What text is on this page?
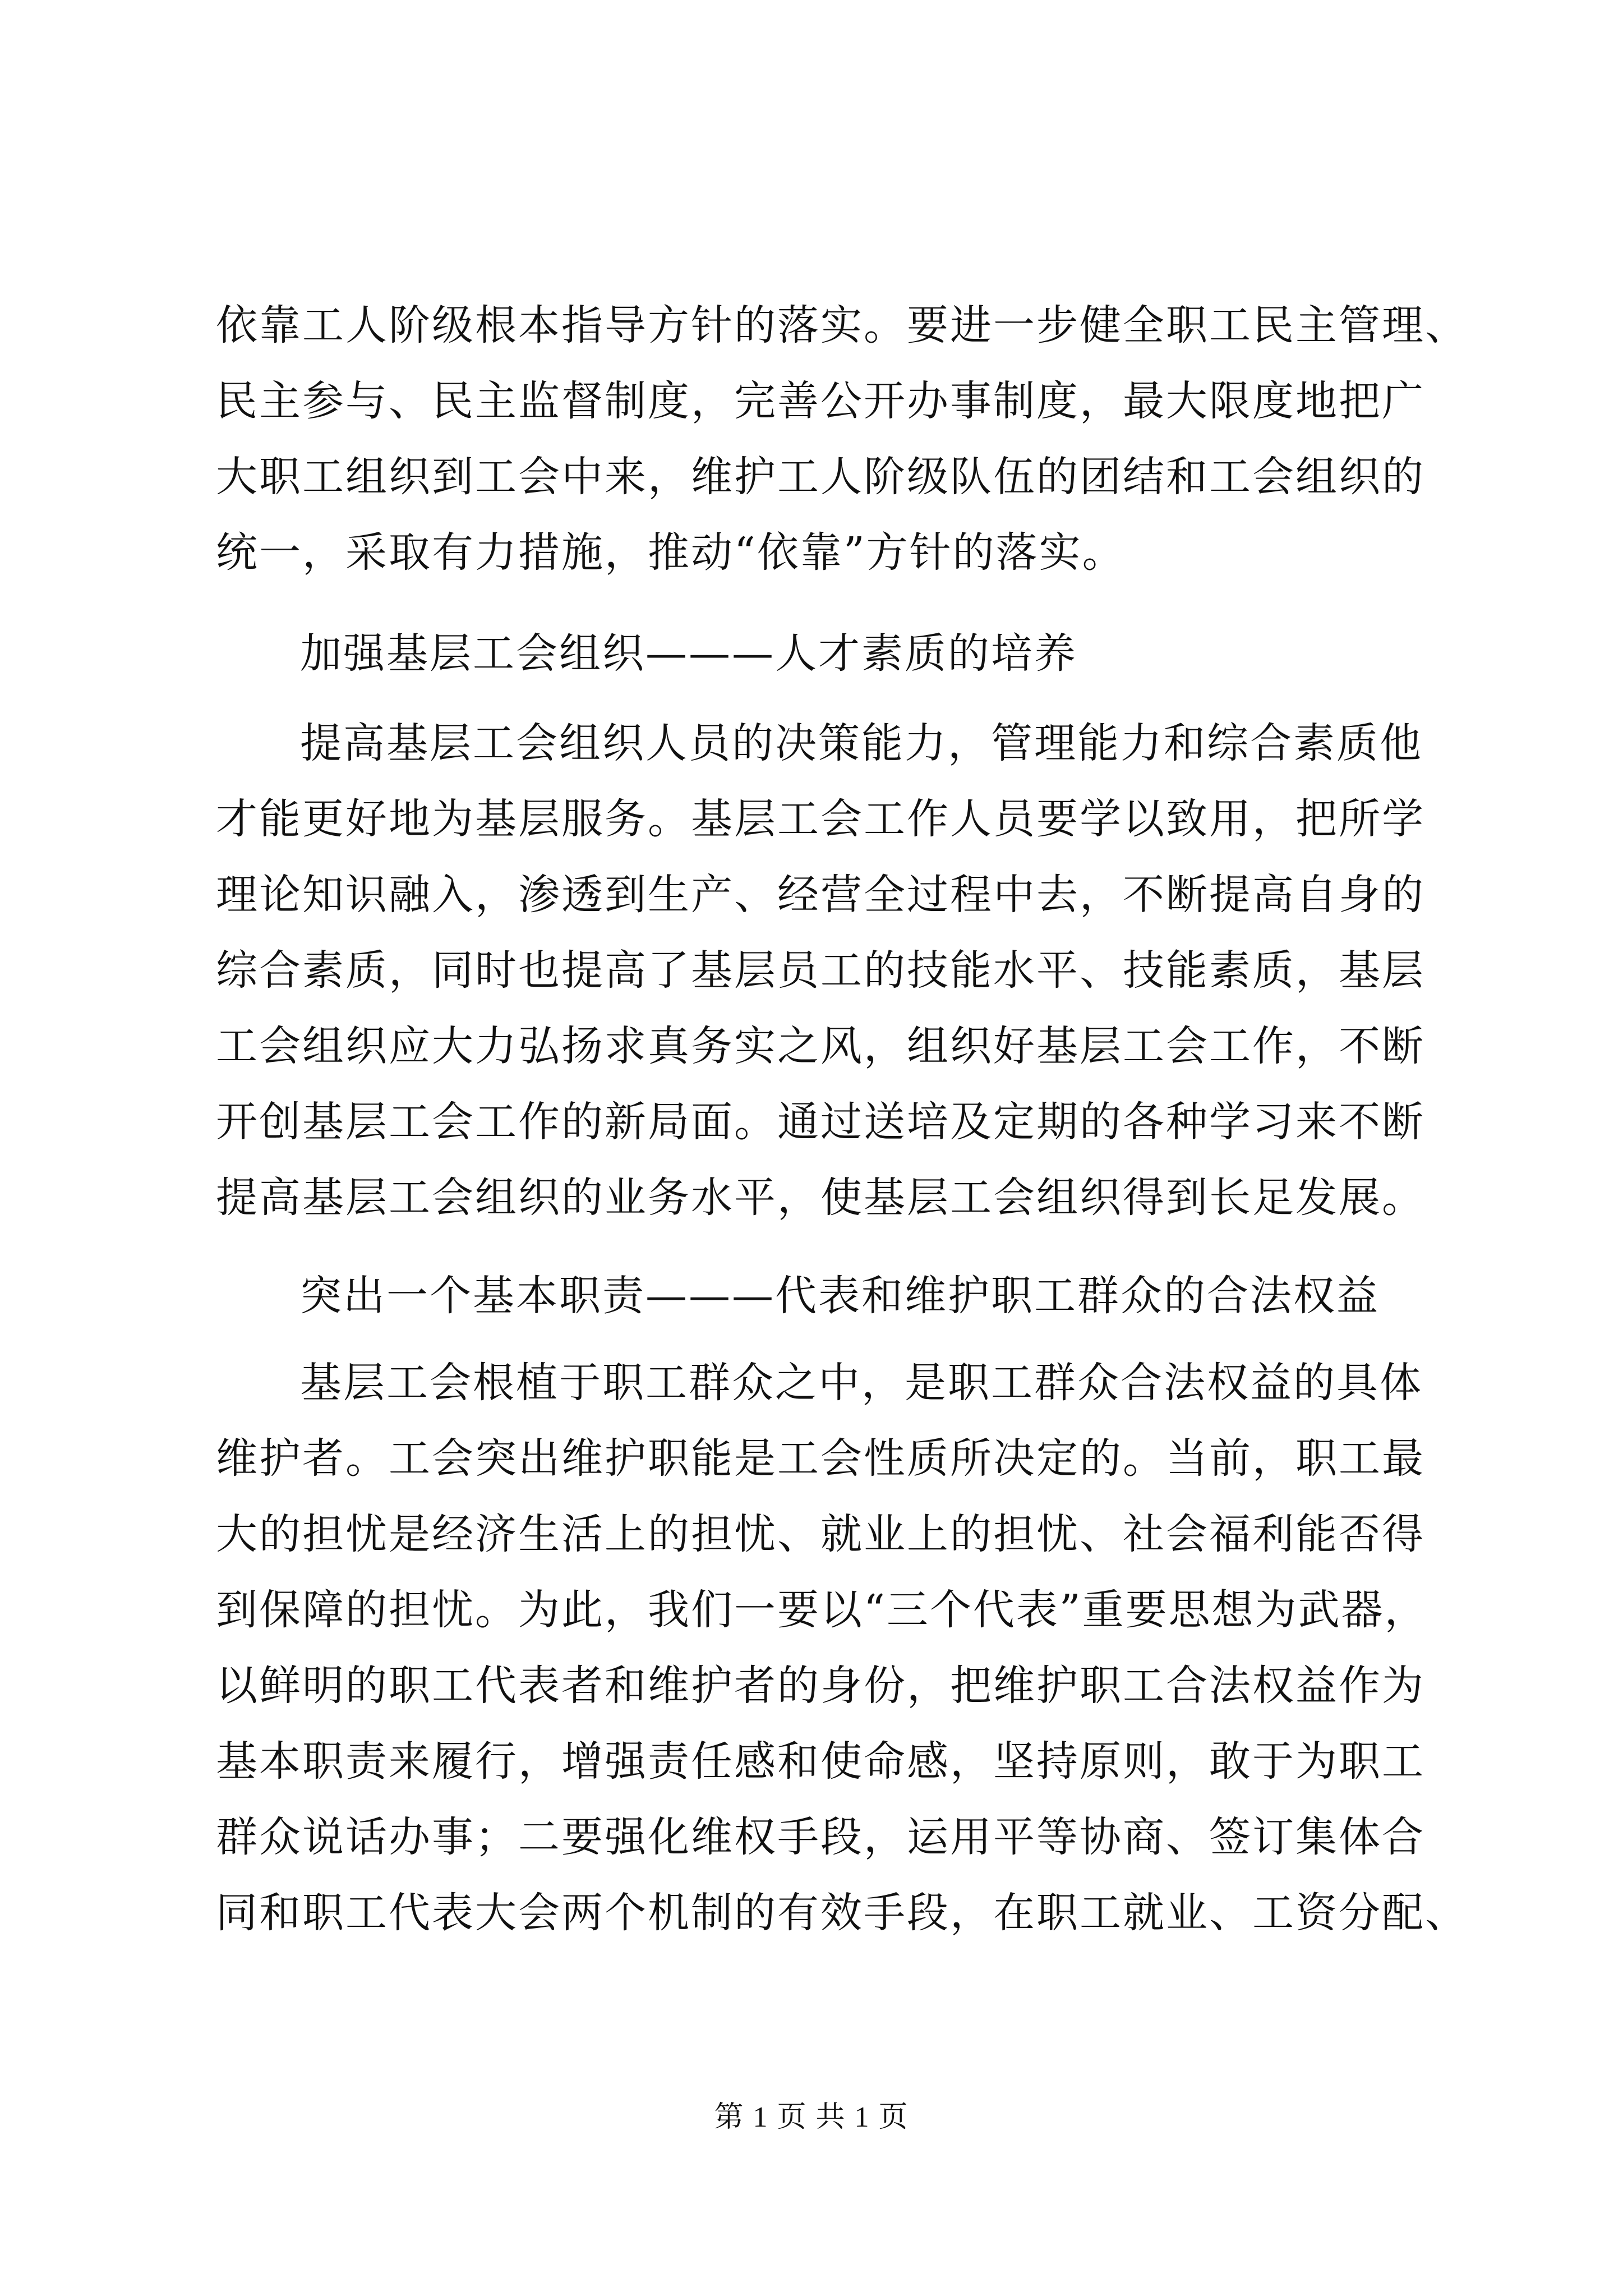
依靠工人阶级根本指导方针的落实。要进一步健全职工民主管理、
民主参与、民主监督制度，完善公开办事制度，最大限度地把广
大职工组织到工会中来，维护工人阶级队伍的团结和工会组织的
统一，采取有力措施，推动“依靠”方针的落实。
加强基层工会组织———人才素质的培养
提高基层工会组织人员的决策能力，管理能力和综合素质他
才能更好地为基层服务。基层工会工作人员要学以致用，把所学
理论知识融入，渗透到生产、经营全过程中去，不断提高自身的
综合素质，同时也提高了基层员工的技能水平、技能素质，基层
工会组织应大力弘扬求真务实之风，组织好基层工会工作，不断
开创基层工会工作的新局面。通过送培及定期的各种学习来不断
提高基层工会组织的业务水平，使基层工会组织得到长足发展。
突出一个基本职责———代表和维护职工群众的合法权益
基层工会根植于职工群众之中，是职工群众合法权益的具体
维护者。工会突出维护职能是工会性质所决定的。当前，职工最
大的担忧是经济生活上的担忧、就业上的担忧、社会福利能否得
到保障的担忧。为此，我们一要以“三个代表”重要思想为武器，
以鲜明的职工代表者和维护者的身份，把维护职工合法权益作为
基本职责来履行，增强责任感和使命感，坚持原则，敢于为职工
群众说话办事；二要强化维权手段，运用平等协商、签订集体合
同和职工代表大会两个机制的有效手段，在职工就业、工资分配、
第 1 页 共 1 页
